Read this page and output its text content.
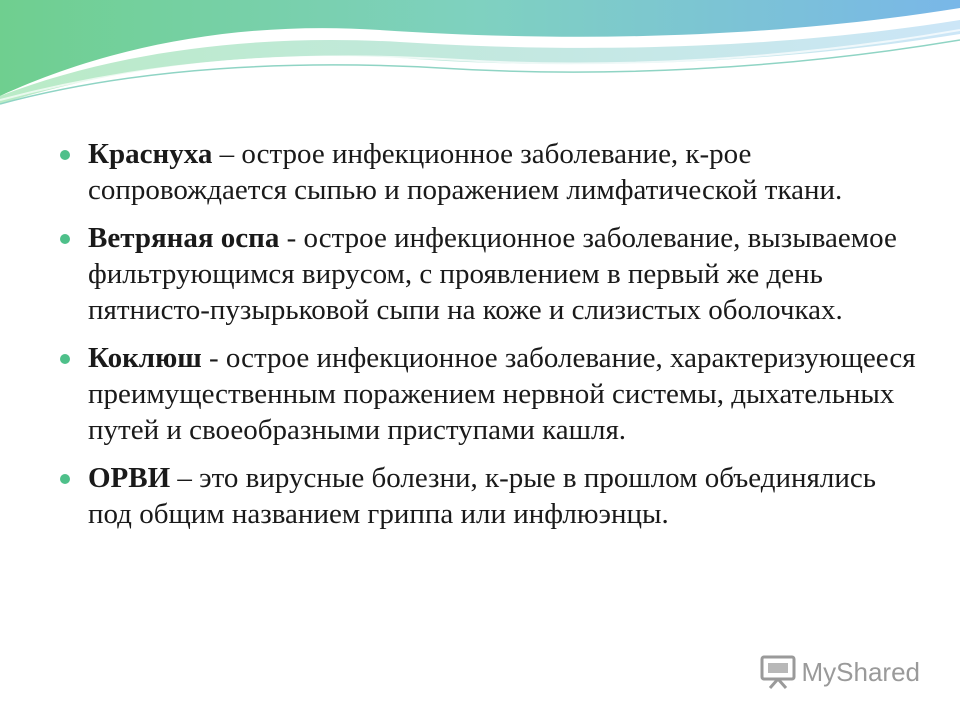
Краснуха – острое инфекционное заболевание, к-рое сопровождается сыпью и поражением лимфатической ткани.
Ветряная оспа - острое инфекционное заболевание, вызываемое фильтрующимся вирусом, с проявлением в первый же день пятнисто-пузырьковой сыпи на коже и слизистых оболочках.
Коклюш - острое инфекционное заболевание, характеризующееся преимущественным поражением нервной системы, дыхательных путей и своеобразными приступами кашля.
ОРВИ – это вирусные болезни, к-рые в прошлом объединялись под общим названием гриппа или инфлюэнцы.
MyShared
